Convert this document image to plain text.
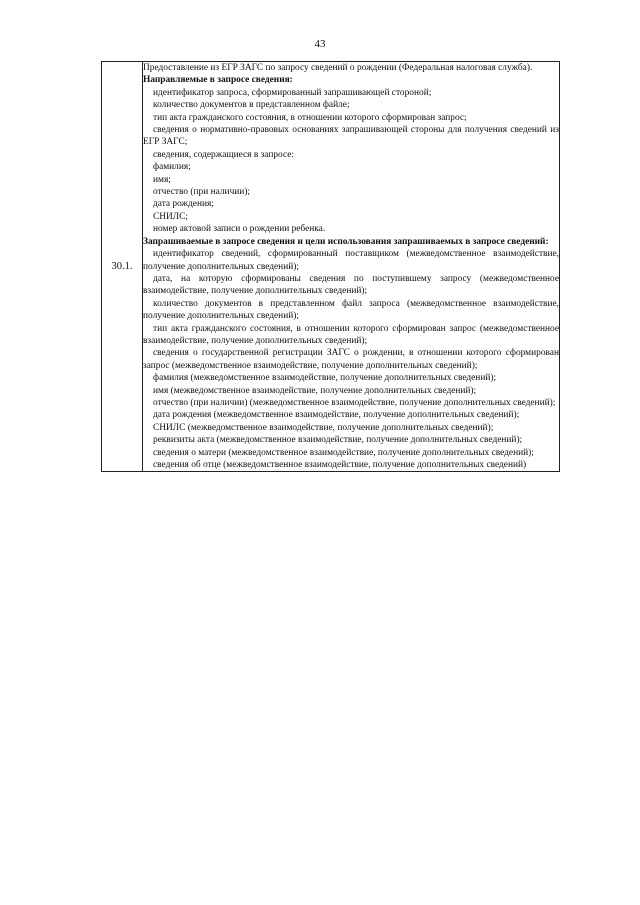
43
30.1.	
Предоставление из ЕГР ЗАГС по запросу сведений о рождении (Федеральная налоговая служба).
Направляемые в запросе сведения:
идентификатор запроса, сформированный запрашивающей стороной;
количество документов в представленном файле;
тип акта гражданского состояния, в отношении которого сформирован запрос;
сведения о нормативно-правовых основаниях запрашивающей стороны для получения сведений из ЕГР ЗАГС;
сведения, содержащиеся в запросе:
фамилия;
имя;
отчество (при наличии);
дата рождения;
СНИЛС;
номер актовой записи о рождении ребенка.
Запрашиваемые в запросе сведения и цели использования запрашиваемых в запросе сведений:
идентификатор сведений, сформированный поставщиком (межведомственное взаимодействие, получение дополнительных сведений);
дата, на которую сформированы сведения по поступившему запросу (межведомственное взаимодействие, получение дополнительных сведений);
количество документов в представленном файл запроса (межведомственное взаимодействие, получение дополнительных сведений);
тип акта гражданского состояния, в отношении которого сформирован запрос (межведомственное взаимодействие, получение дополнительных сведений);
сведения о государственной регистрации ЗАГС о рождении, в отношении которого сформирован запрос (межведомственное взаимодействие, получение дополнительных сведений);
фамилия (межведомственное взаимодействие, получение дополнительных сведений);
имя (межведомственное взаимодействие, получение дополнительных сведений);
отчество (при наличии) (межведомственное взаимодействие, получение дополнительных сведений);
дата рождения (межведомственное взаимодействие, получение дополнительных сведений);
СНИЛС (межведомственное взаимодействие, получение дополнительных сведений);
реквизиты акта (межведомственное взаимодействие, получение дополнительных сведений);
сведения о матери (межведомственное взаимодействие, получение дополнительных сведений);
сведения об отце (межведомственное взаимодействие, получение дополнительных сведений)
